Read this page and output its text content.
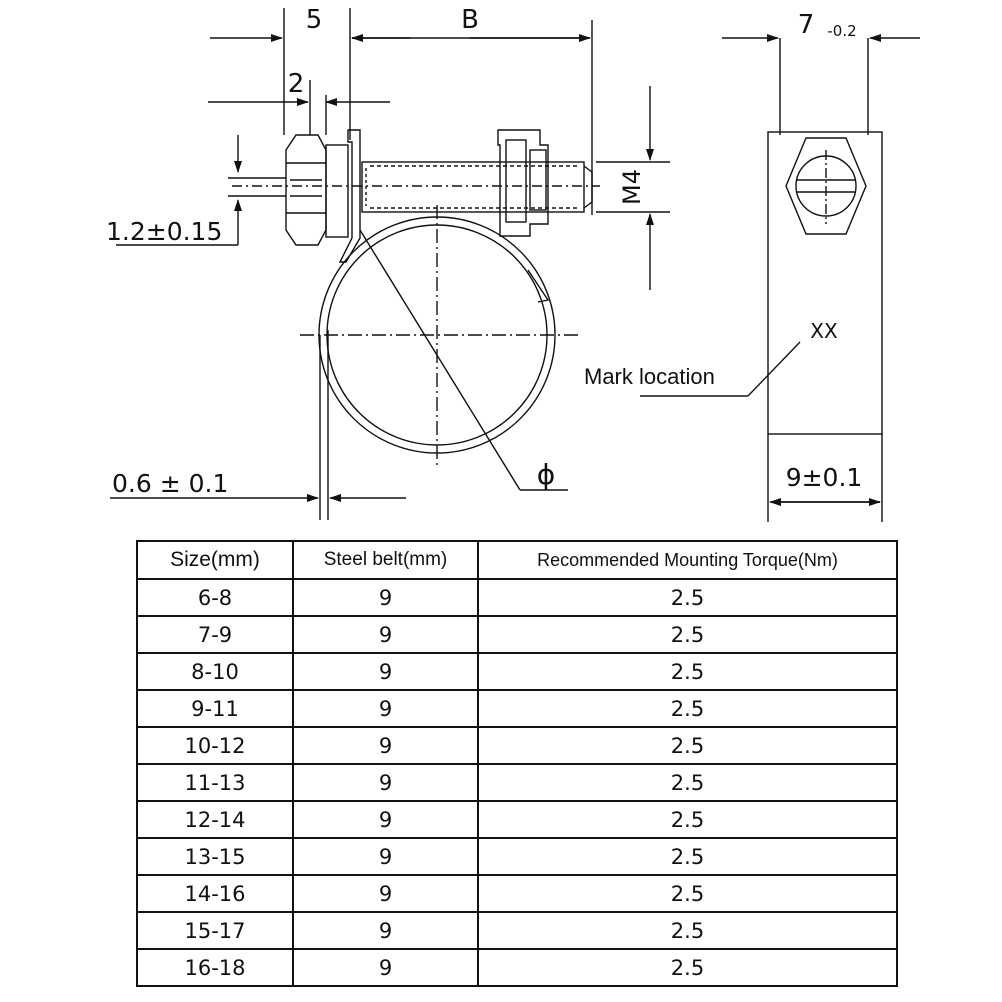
5	B
2
1.2±0.15
M4
ϕ
0.6 ± 0.1
7 -0.2
XX
Mark location
9±0.1
Size(mm)	Steel belt(mm)	Recommended Mounting Torque(Nm)
6-8	9	2.5
7-9	9	2.5
8-10	9	2.5
9-11	9	2.5
10-12	9	2.5
11-13	9	2.5
12-14	9	2.5
13-15	9	2.5
14-16	9	2.5
15-17	9	2.5
16-18	9	2.5
